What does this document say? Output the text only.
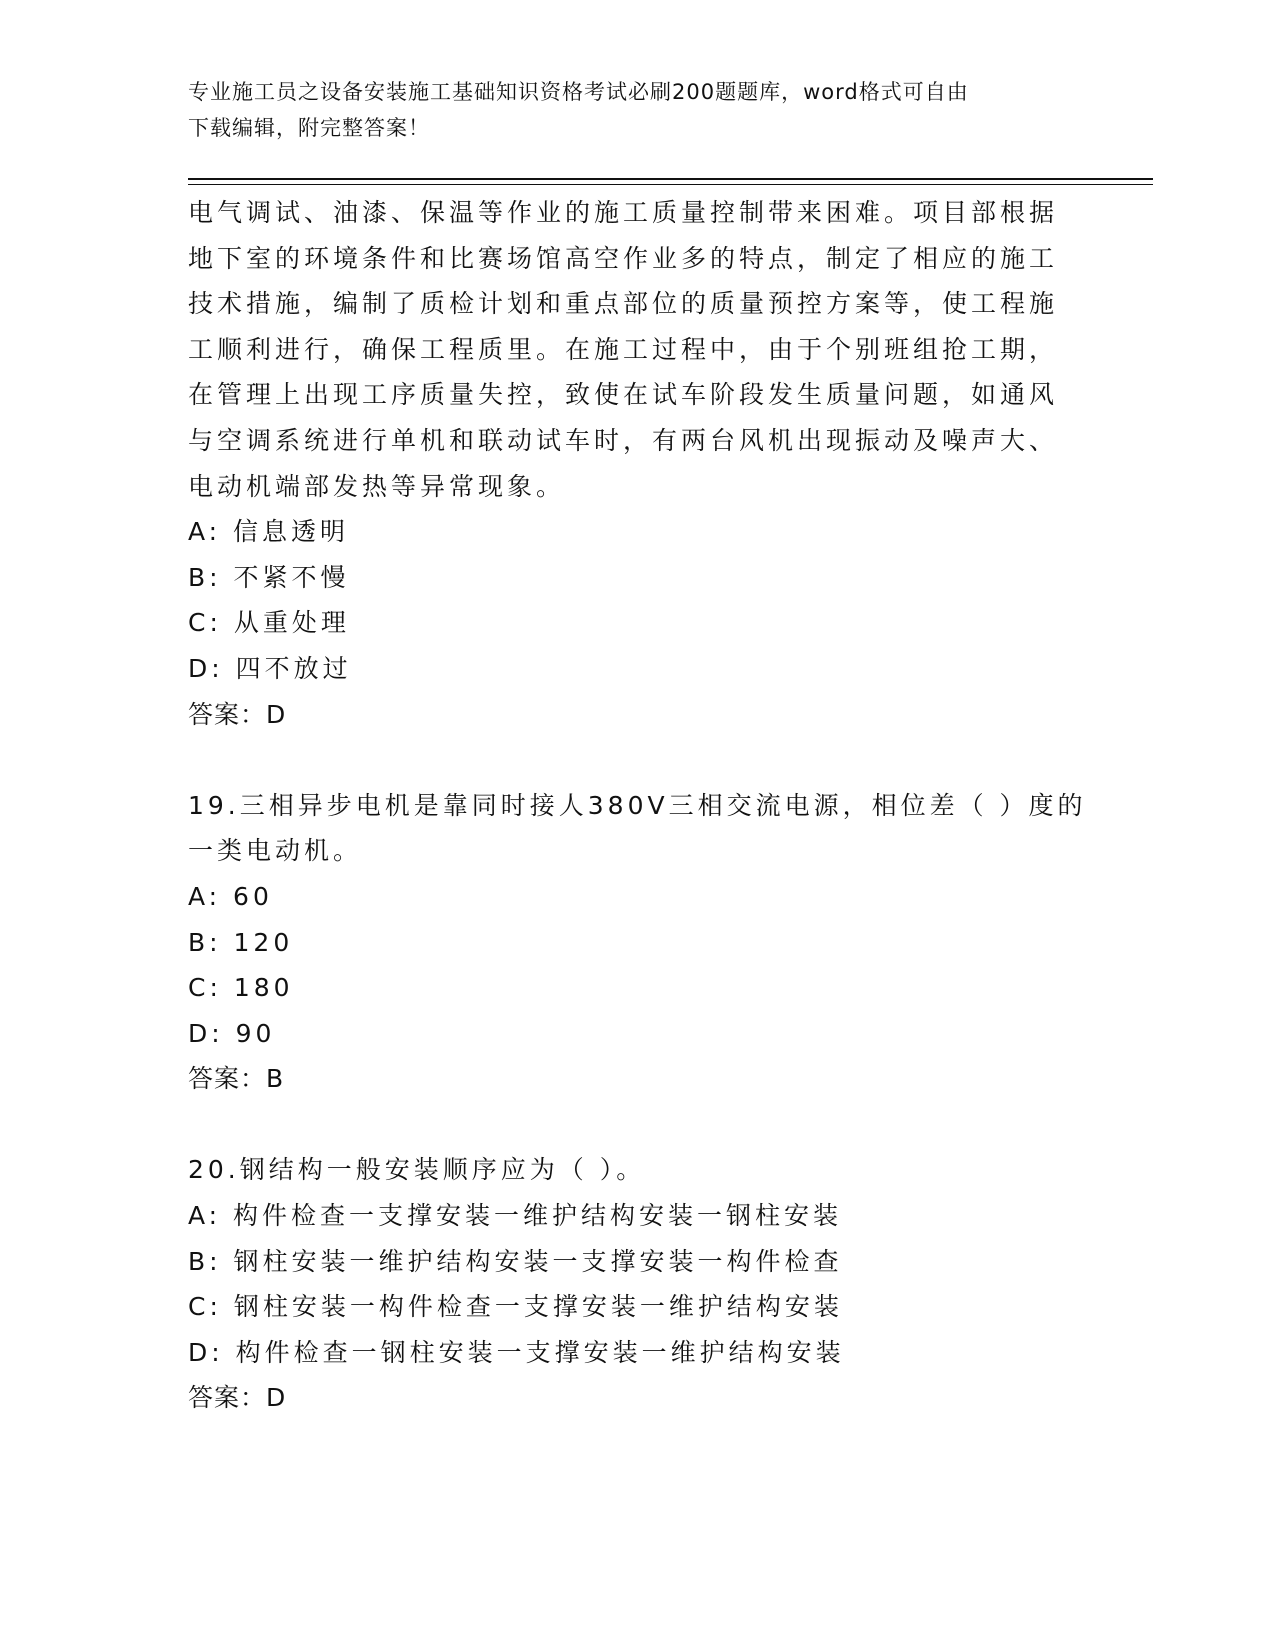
专业施工员之设备安装施工基础知识资格考试必刷200题题库，word格式可自由
下载编辑，附完整答案！
电气调试、油漆、保温等作业的施工质量控制带来困难。项目部根据
地下室的环境条件和比赛场馆高空作业多的特点，制定了相应的施工
技术措施，编制了质检计划和重点部位的质量预控方案等，使工程施
工顺利进行，确保工程质里。在施工过程中，由于个别班组抢工期，
在管理上出现工序质量失控，致使在试车阶段发生质量问题，如通风
与空调系统进行单机和联动试车时，有两台风机出现振动及噪声大、
电动机端部发热等异常现象。
A: 信息透明
B: 不紧不慢
C: 从重处理
D: 四不放过
答案：D
19.三相异步电机是靠同时接人380V三相交流电源，相位差（ ）度的
一类电动机。
A: 60
B: 120
C: 180
D: 90
答案：B
20.钢结构一般安装顺序应为（ ）。
A: 构件检查一支撑安装一维护结构安装一钢柱安装
B: 钢柱安装一维护结构安装一支撑安装一构件检查
C: 钢柱安装一构件检查一支撑安装一维护结构安装
D: 构件检查一钢柱安装一支撑安装一维护结构安装
答案：D
